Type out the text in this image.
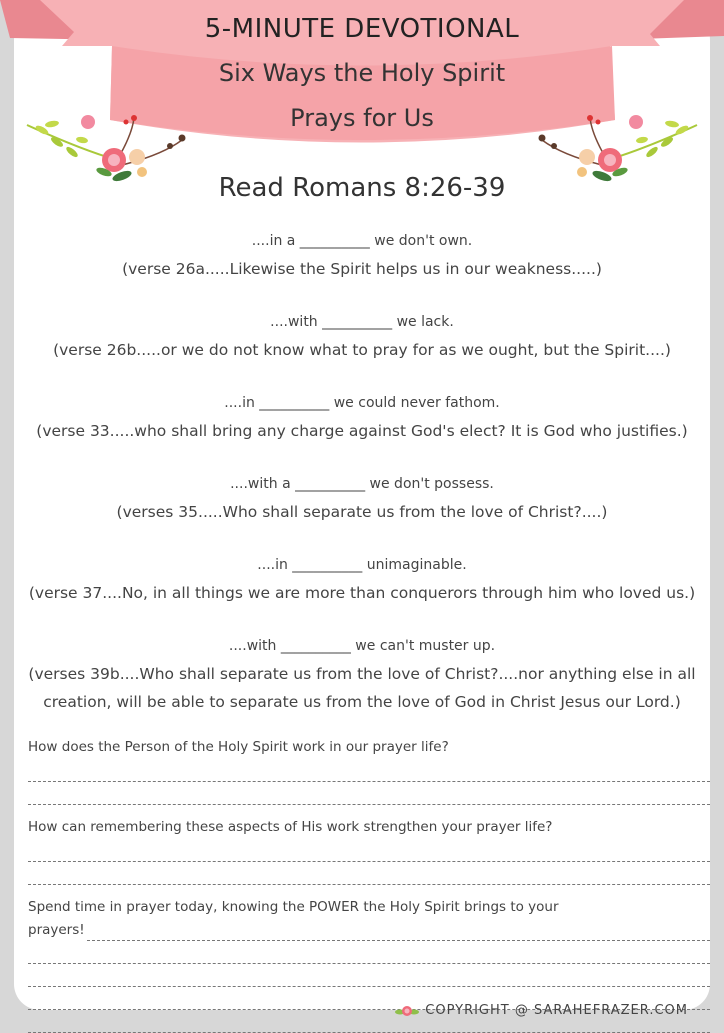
5-MINUTE DEVOTIONAL
Six Ways the Holy Spirit
Prays for Us
Read Romans 8:26-39
....in a __________ we don't own.
(verse 26a.....Likewise the Spirit helps us in our weakness.....)
....with __________ we lack.
(verse 26b.....or we do not know what to pray for as we ought, but the Spirit....)
....in __________ we could never fathom.
(verse 33.....who shall bring any charge against God's elect? It is God who justifies.)
....with a __________ we don't possess.
(verses 35.....Who shall separate us from the love of Christ?....)
....in __________ unimaginable.
(verse 37....No, in all things we are more than conquerors through him who loved us.)
....with __________ we can't muster up.
(verses 39b....Who shall separate us from the love of Christ?....nor anything else in all creation, will be able to separate us from the love of God in Christ Jesus our Lord.)
How does the Person of the Holy Spirit work in our prayer life?
How can remembering these aspects of His work strengthen your prayer life?
Spend time in prayer today, knowing the POWER the Holy Spirit brings to your
prayers!
COPYRIGHT @ SARAHEFRAZER.COM
